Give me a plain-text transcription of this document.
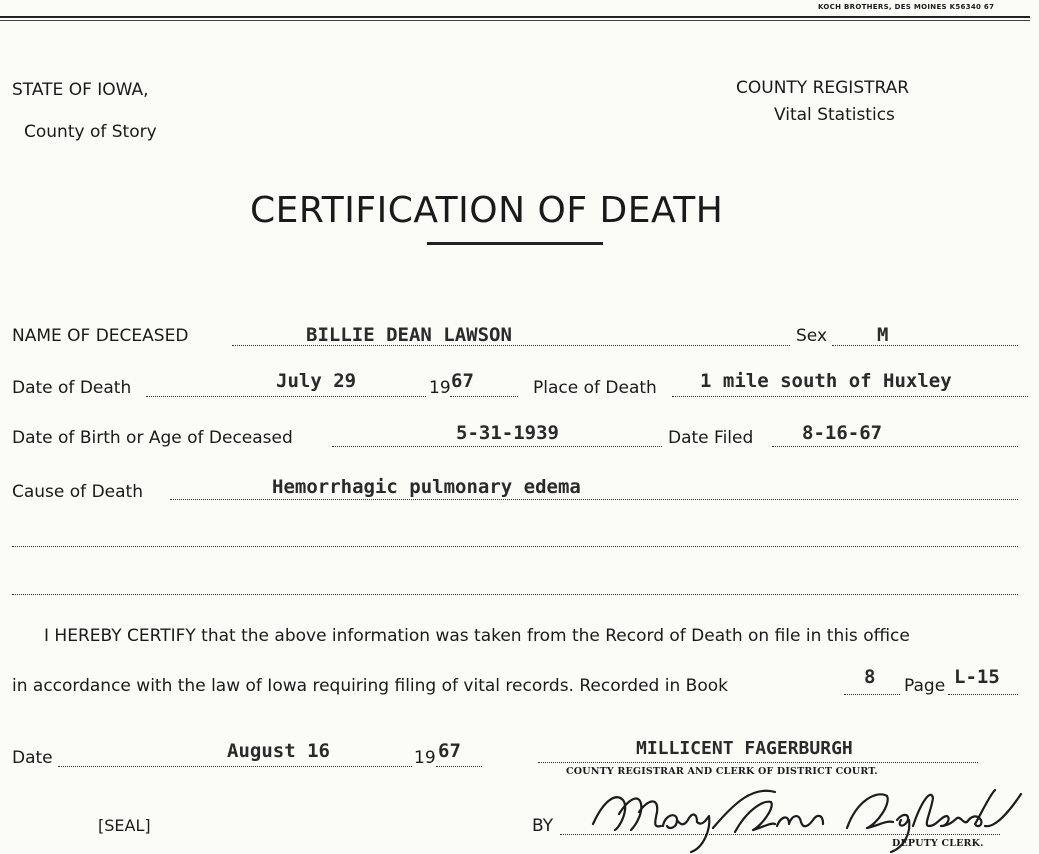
KOCH BROTHERS, DES MOINES K56340 67
STATE OF IOWA,
County of Story
COUNTY REGISTRAR
Vital Statistics
CERTIFICATION OF DEATH
NAME OF DECEASED	BILLIE DEAN LAWSON	Sex	M
Date of Death	July 29	19 67	Place of Death 1 mile south of Huxley
Date of Birth or Age of Deceased	5-31-1939	Date Filed	8-16-67
Cause of Death	Hemorrhagic pulmonary edema
I HEREBY CERTIFY that the above information was taken from the Record of Death on file in this office
in accordance with the law of Iowa requiring filing of vital records. Recorded in Book	8 Page L-15
Date	August 16	19 67	MILLICENT FAGERBURGH
COUNTY REGISTRAR AND CLERK OF DISTRICT COURT.
[SEAL]	BY
DEPUTY CLERK.
